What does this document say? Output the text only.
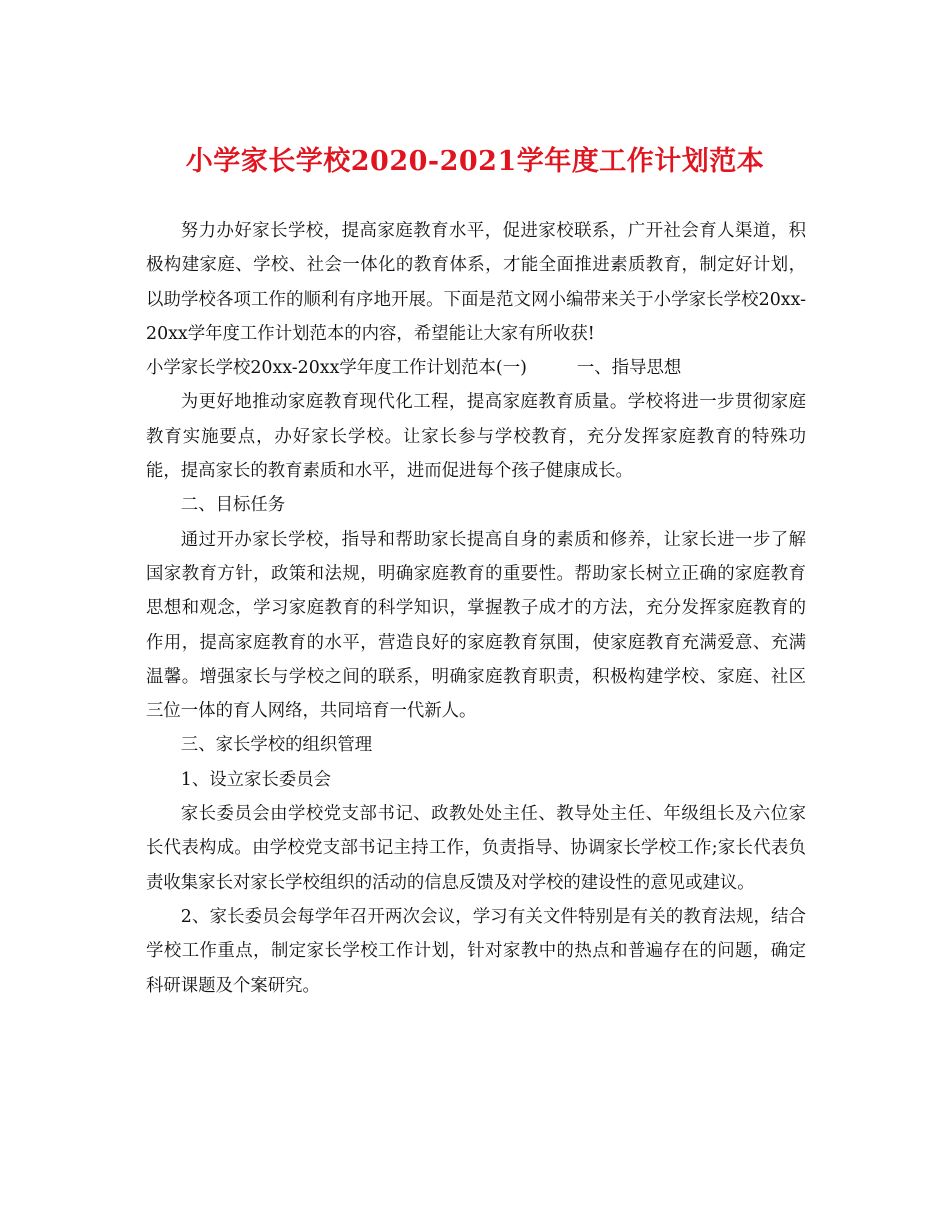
小学家长学校2020-2021学年度工作计划范本

努力办好家长学校，提高家庭教育水平，促进家校联系，广开社会育人渠道，积极构建家庭、学校、社会一体化的教育体系，才能全面推进素质教育，制定好计划，以助学校各项工作的顺利有序地开展。下面是范文网小编带来关于小学家长学校20xx-20xx学年度工作计划范本的内容，希望能让大家有所收获!

小学家长学校20xx-20xx学年度工作计划范本(一)	一、指导思想

为更好地推动家庭教育现代化工程，提高家庭教育质量。学校将进一步贯彻家庭教育实施要点，办好家长学校。让家长参与学校教育，充分发挥家庭教育的特殊功能，提高家长的教育素质和水平，进而促进每个孩子健康成长。

二、目标任务

通过开办家长学校，指导和帮助家长提高自身的素质和修养，让家长进一步了解国家教育方针，政策和法规，明确家庭教育的重要性。帮助家长树立正确的家庭教育思想和观念，学习家庭教育的科学知识，掌握教子成才的方法，充分发挥家庭教育的作用，提高家庭教育的水平，营造良好的家庭教育氛围，使家庭教育充满爱意、充满温馨。增强家长与学校之间的联系，明确家庭教育职责，积极构建学校、家庭、社区三位一体的育人网络，共同培育一代新人。

三、家长学校的组织管理

1、设立家长委员会

家长委员会由学校党支部书记、政教处处主任、教导处主任、年级组长及六位家长代表构成。由学校党支部书记主持工作，负责指导、协调家长学校工作;家长代表负责收集家长对家长学校组织的活动的信息反馈及对学校的建设性的意见或建议。

2、家长委员会每学年召开两次会议，学习有关文件特别是有关的教育法规，结合学校工作重点，制定家长学校工作计划，针对家教中的热点和普遍存在的问题，确定科研课题及个案研究。
